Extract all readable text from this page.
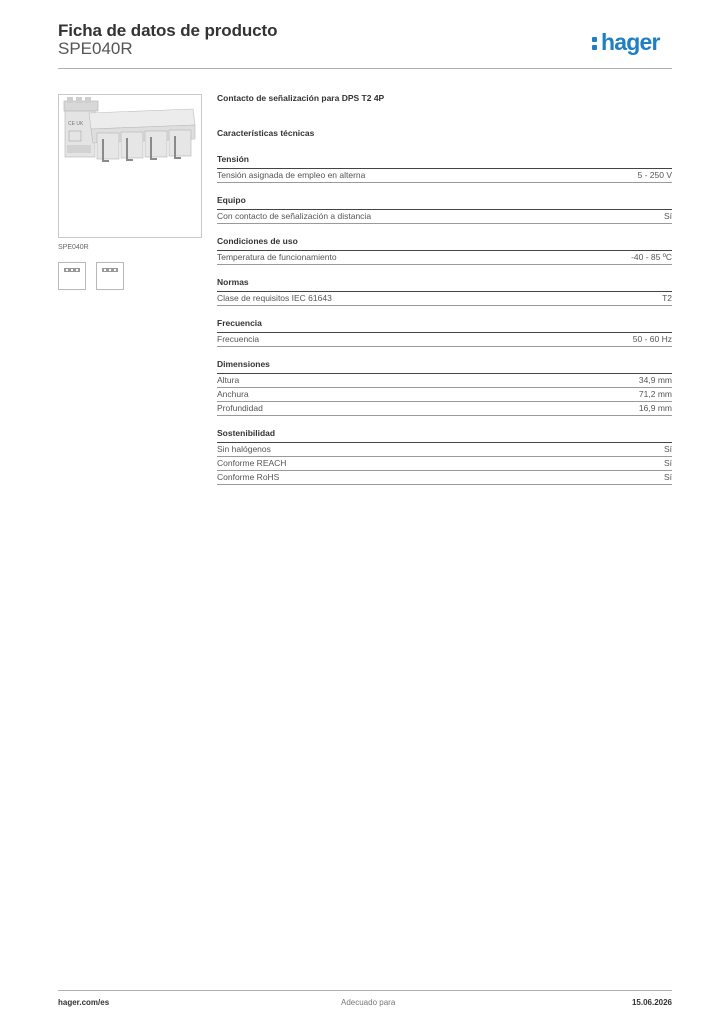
Ficha de datos de producto
SPE040R	hager
CE UK
SPE040R
Contacto de señalización para DPS T2 4P
Características técnicas
Tensión
Tensión asignada de empleo en alterna	5 - 250 V
Equipo
Con contacto de señalización a distancia	Sí
Condiciones de uso
Temperatura de funcionamiento	-40 - 85 ºC
Normas
Clase de requisitos IEC 61643	T2
Frecuencia
Frecuencia	50 - 60 Hz
Dimensiones
Altura	34,9 mm
Anchura	71,2 mm
Profundidad	16,9 mm
Sostenibilidad
Sin halógenos	Sí
Conforme REACH	Sí
Conforme RoHS	Sí
hager.com/es	Adecuado para	15.06.2026
